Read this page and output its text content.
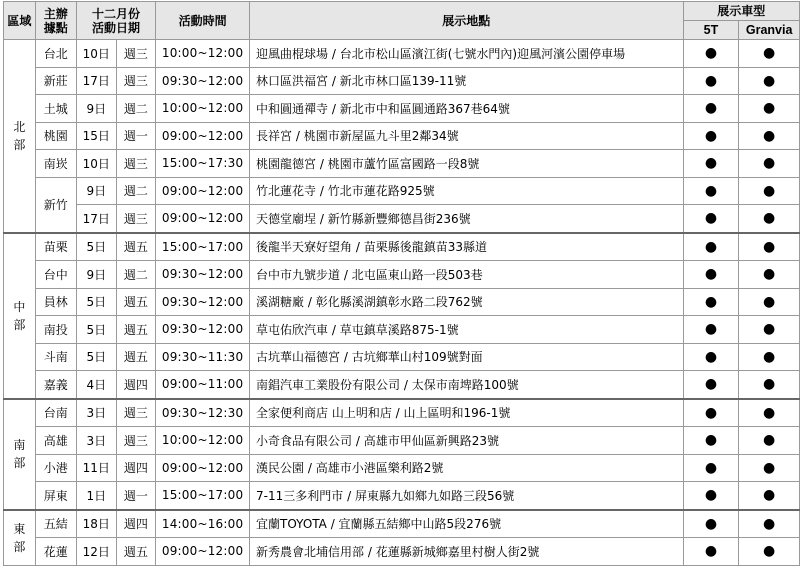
區域	主辦
據點	十二月份
活動日期		活動時間	展示地點	展示車型	
						5T	Granvia
北部	台北	10日	週三	10:00~12:00	迎風曲棍球場 / 台北市松山區濱江街(七號水門內)迎風河濱公園停車場	●	●
	新莊	17日	週三	09:30~12:00	林口區洪福宮 / 新北市林口區139-11號	●	●
	土城	9日	週二	10:00~12:00	中和圓通禪寺 / 新北市中和區圓通路367巷64號	●	●
	桃園	15日	週一	09:00~12:00	長祥宮 / 桃園市新屋區九斗里2鄰34號	●	●
	南崁	10日	週三	15:00~17:30	桃園龍德宮 / 桃園市蘆竹區富國路一段8號	●	●
	新竹	9日	週二	09:00~12:00	竹北蓮花寺 / 竹北市蓮花路925號	●	●
		17日	週三	09:00~12:00	天德堂廟埕 / 新竹縣新豐鄉德昌街236號	●	●
中部	苗栗	5日	週五	15:00~17:00	後龍半天寮好望角 / 苗栗縣後龍鎮苗33縣道	●	●
	台中	9日	週二	09:30~12:00	台中市九號步道 / 北屯區東山路一段503巷	●	●
	員林	5日	週五	09:30~12:00	溪湖糖廠 / 彰化縣溪湖鎮彰水路二段762號	●	●
	南投	5日	週五	09:30~12:00	草屯佑欣汽車 / 草屯鎮草溪路875-1號	●	●
	斗南	5日	週五	09:30~11:30	古坑華山福德宮 / 古坑鄉華山村109號對面	●	●
	嘉義	4日	週四	09:00~11:00	南錩汽車工業股份有限公司 / 太保市南埤路100號	●	●
南部	台南	3日	週三	09:30~12:30	全家便利商店 山上明和店 / 山上區明和196-1號	●	●
	高雄	3日	週三	10:00~12:00	小奇食品有限公司 / 高雄市甲仙區新興路23號	●	●
	小港	11日	週四	09:00~12:00	漢民公園 / 高雄市小港區樂利路2號	●	●
	屏東	1日	週一	15:00~17:00	7-11三多利門市 / 屏東縣九如鄉九如路三段56號	●	●
東部	五結	18日	週四	14:00~16:00	宜蘭TOYOTA / 宜蘭縣五結鄉中山路5段276號	●	●
	花蓮	12日	週五	09:00~12:00	新秀農會北埔信用部 / 花蓮縣新城鄉嘉里村樹人街2號	●	●
